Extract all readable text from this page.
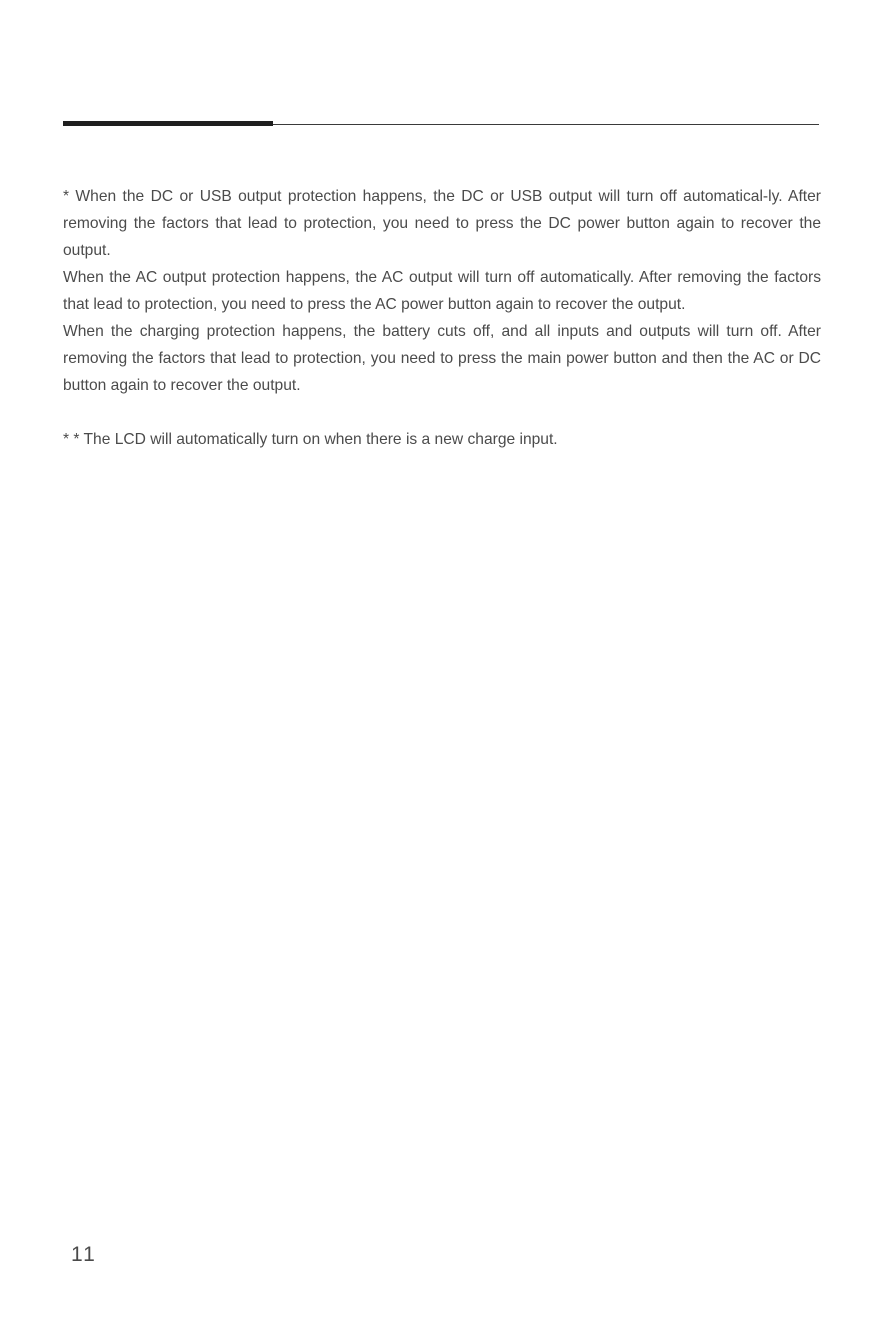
* When the DC or USB output protection happens, the DC or USB output will turn off automatical-ly. After removing the factors that lead to protection, you need to press the DC power button again to recover the output.

When the AC output protection happens, the AC output will turn off automatically. After removing the factors that lead to protection, you need to press the AC power button again to recover the output.

When the charging protection happens, the battery cuts off, and all inputs and outputs will turn off. After removing the factors that lead to protection, you need to press the main power button and then the AC or DC button again to recover the output.

* * The LCD will automatically turn on when there is a new charge input.

11
